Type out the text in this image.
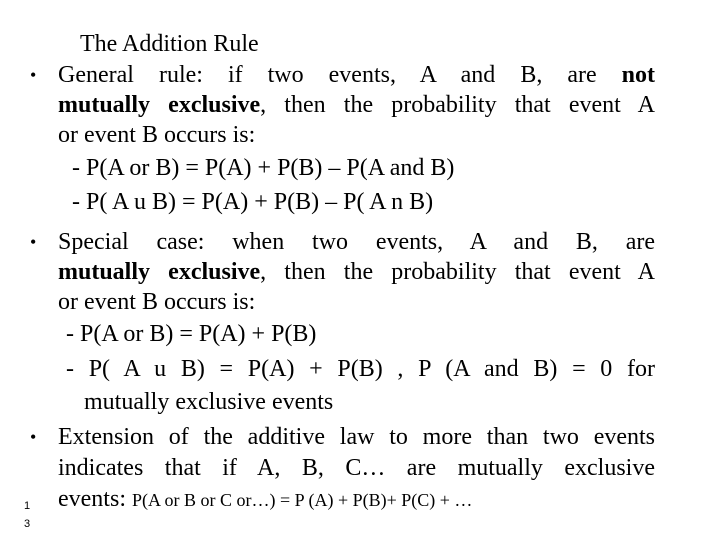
The Addition Rule
• General rule: if two events, A and B, are not
mutually exclusive, then the probability that event A
or event B occurs is:
- P(A or B) = P(A) + P(B) – P(A and B)
- P( A u B) = P(A) + P(B) – P( A n B)
• Special case: when two events, A and B, are
mutually exclusive, then the probability that event A
or event B occurs is:
- P(A or B) = P(A) + P(B)
- P( A u B) = P(A) + P(B) , P (A and B) = 0 for
mutually exclusive events
• Extension of the additive law to more than two events
indicates that if A, B, C… are mutually exclusive
events: P(A or B or C or…) = P (A) + P(B)+ P(C) + …
1
3
